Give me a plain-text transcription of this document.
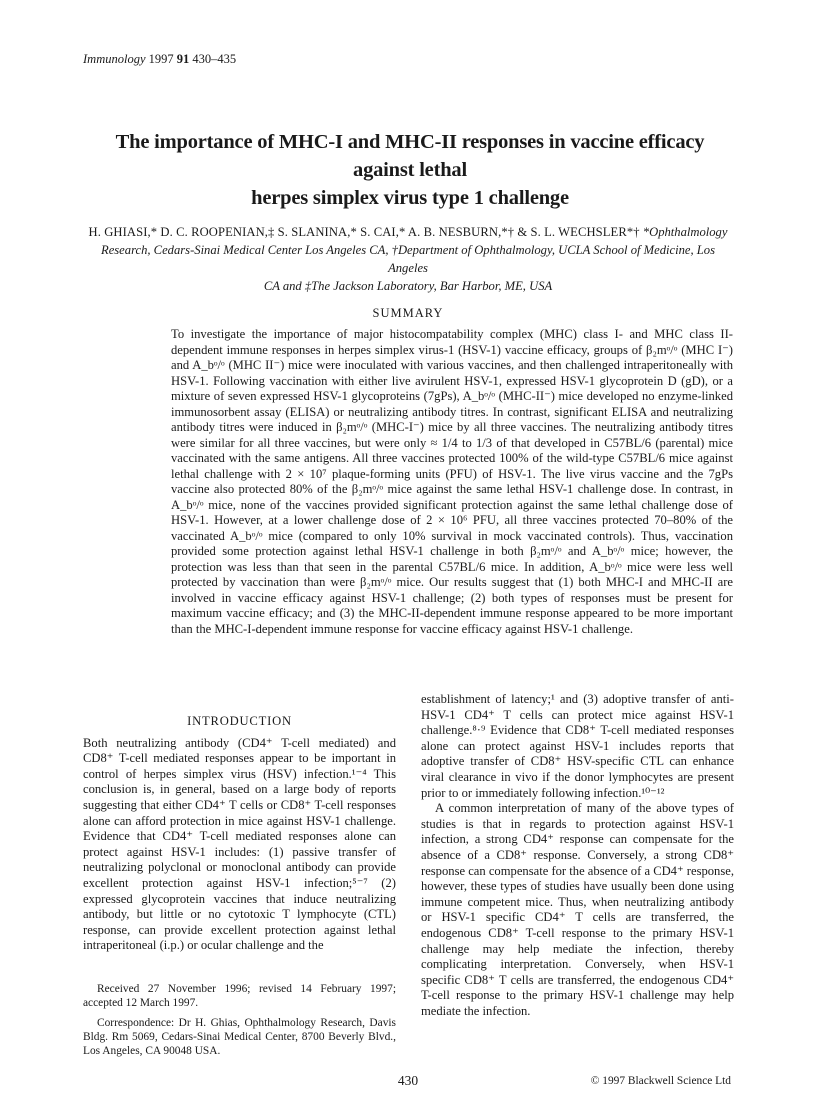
Immunology 1997 91 430–435
The importance of MHC-I and MHC-II responses in vaccine efficacy against lethal
herpes simplex virus type 1 challenge
H. GHIASI,* D. C. ROOPENIAN,‡ S. SLANINA,* S. CAI,* A. B. NESBURN,*† & S. L. WECHSLER*† *Ophthalmology
Research, Cedars-Sinai Medical Center Los Angeles CA, †Department of Ophthalmology, UCLA School of Medicine, Los Angeles
CA and ‡The Jackson Laboratory, Bar Harbor, ME, USA
SUMMARY
To investigate the importance of major histocompatability complex (MHC) class I- and MHC class II-dependent immune responses in herpes simplex virus-1 (HSV-1) vaccine efficacy, groups of β₂mᵒ/ᵒ (MHC I⁻) and A_bᵒ/ᵒ (MHC II⁻) mice were inoculated with various vaccines, and then challenged intraperitoneally with HSV-1. Following vaccination with either live avirulent HSV-1, expressed HSV-1 glycoprotein D (gD), or a mixture of seven expressed HSV-1 glycoproteins (7gPs), A_bᵒ/ᵒ (MHC-II⁻) mice developed no enzyme-linked immunosorbent assay (ELISA) or neutralizing antibody titres. In contrast, significant ELISA and neutralizing antibody titres were induced in β₂mᵒ/ᵒ (MHC-I⁻) mice by all three vaccines. The neutralizing antibody titres were similar for all three vaccines, but were only ≈ 1/4 to 1/3 of that developed in C57BL/6 (parental) mice vaccinated with the same antigens. All three vaccines protected 100% of the wild-type C57BL/6 mice against lethal challenge with 2 × 10⁷ plaque-forming units (PFU) of HSV-1. The live virus vaccine and the 7gPs vaccine also protected 80% of the β₂mᵒ/ᵒ mice against the same lethal HSV-1 challenge dose. In contrast, in A_bᵒ/ᵒ mice, none of the vaccines provided significant protection against the same lethal challenge dose of HSV-1. However, at a lower challenge dose of 2 × 10⁶ PFU, all three vaccines protected 70–80% of the vaccinated A_bᵒ/ᵒ mice (compared to only 10% survival in mock vaccinated controls). Thus, vaccination provided some protection against lethal HSV-1 challenge in both β₂mᵒ/ᵒ and A_bᵒ/ᵒ mice; however, the protection was less than that seen in the parental C57BL/6 mice. In addition, A_bᵒ/ᵒ mice were less well protected by vaccination than were β₂mᵒ/ᵒ mice. Our results suggest that (1) both MHC-I and MHC-II are involved in vaccine efficacy against HSV-1 challenge; (2) both types of responses must be present for maximum vaccine efficacy; and (3) the MHC-II-dependent immune response appeared to be more important than the MHC-I-dependent immune response for vaccine efficacy against HSV-1 challenge.
INTRODUCTION

Both neutralizing antibody (CD4⁺ T-cell mediated) and CD8⁺ T-cell mediated responses appear to be important in control of herpes simplex virus (HSV) infection.¹⁻⁴ This conclusion is, in general, based on a large body of reports suggesting that either CD4⁺ T cells or CD8⁺ T-cell responses alone can afford protection in mice against HSV-1 challenge. Evidence that CD4⁺ T-cell mediated responses alone can protect against HSV-1 includes: (1) passive transfer of neutralizing polyclonal or monoclonal antibody can provide excellent protection against HSV-1 infection;⁵⁻⁷ (2) expressed glycoprotein vaccines that induce neutralizing antibody, but little or no cytotoxic T lymphocyte (CTL) response, can provide excellent protection against lethal intraperitoneal (i.p.) or ocular challenge and the

establishment of latency;¹ and (3) adoptive transfer of anti-HSV-1 CD4⁺ T cells can protect mice against HSV-1 challenge.⁸·⁹ Evidence that CD8⁺ T-cell mediated responses alone can protect against HSV-1 includes reports that adoptive transfer of CD8⁺ HSV-specific CTL can enhance viral clearance in vivo if the donor lymphocytes are present prior to or immediately following infection.¹⁰⁻¹²

A common interpretation of many of the above types of studies is that in regards to protection against HSV-1 infection, a strong CD4⁺ response can compensate for the absence of a CD8⁺ response. Conversely, a strong CD8⁺ response can compensate for the absence of a CD4⁺ response, however, these types of studies have usually been done using immune competent mice. Thus, when neutralizing antibody or HSV-1 specific CD4⁺ T cells are transferred, the endogenous CD8⁺ T-cell response to the primary HSV-1 challenge may help mediate the infection, thereby complicating interpretation. Conversely, when HSV-1 specific CD8⁺ T cells are transferred, the endogenous CD4⁺ T-cell response to the primary HSV-1 challenge may help mediate the infection.

Received 27 November 1996; revised 14 February 1997; accepted 12 March 1997.

Correspondence: Dr H. Ghias, Ophthalmology Research, Davis Bldg. Rm 5069, Cedars-Sinai Medical Center, 8700 Beverly Blvd., Los Angeles, CA 90048 USA.

430	© 1997 Blackwell Science Ltd
